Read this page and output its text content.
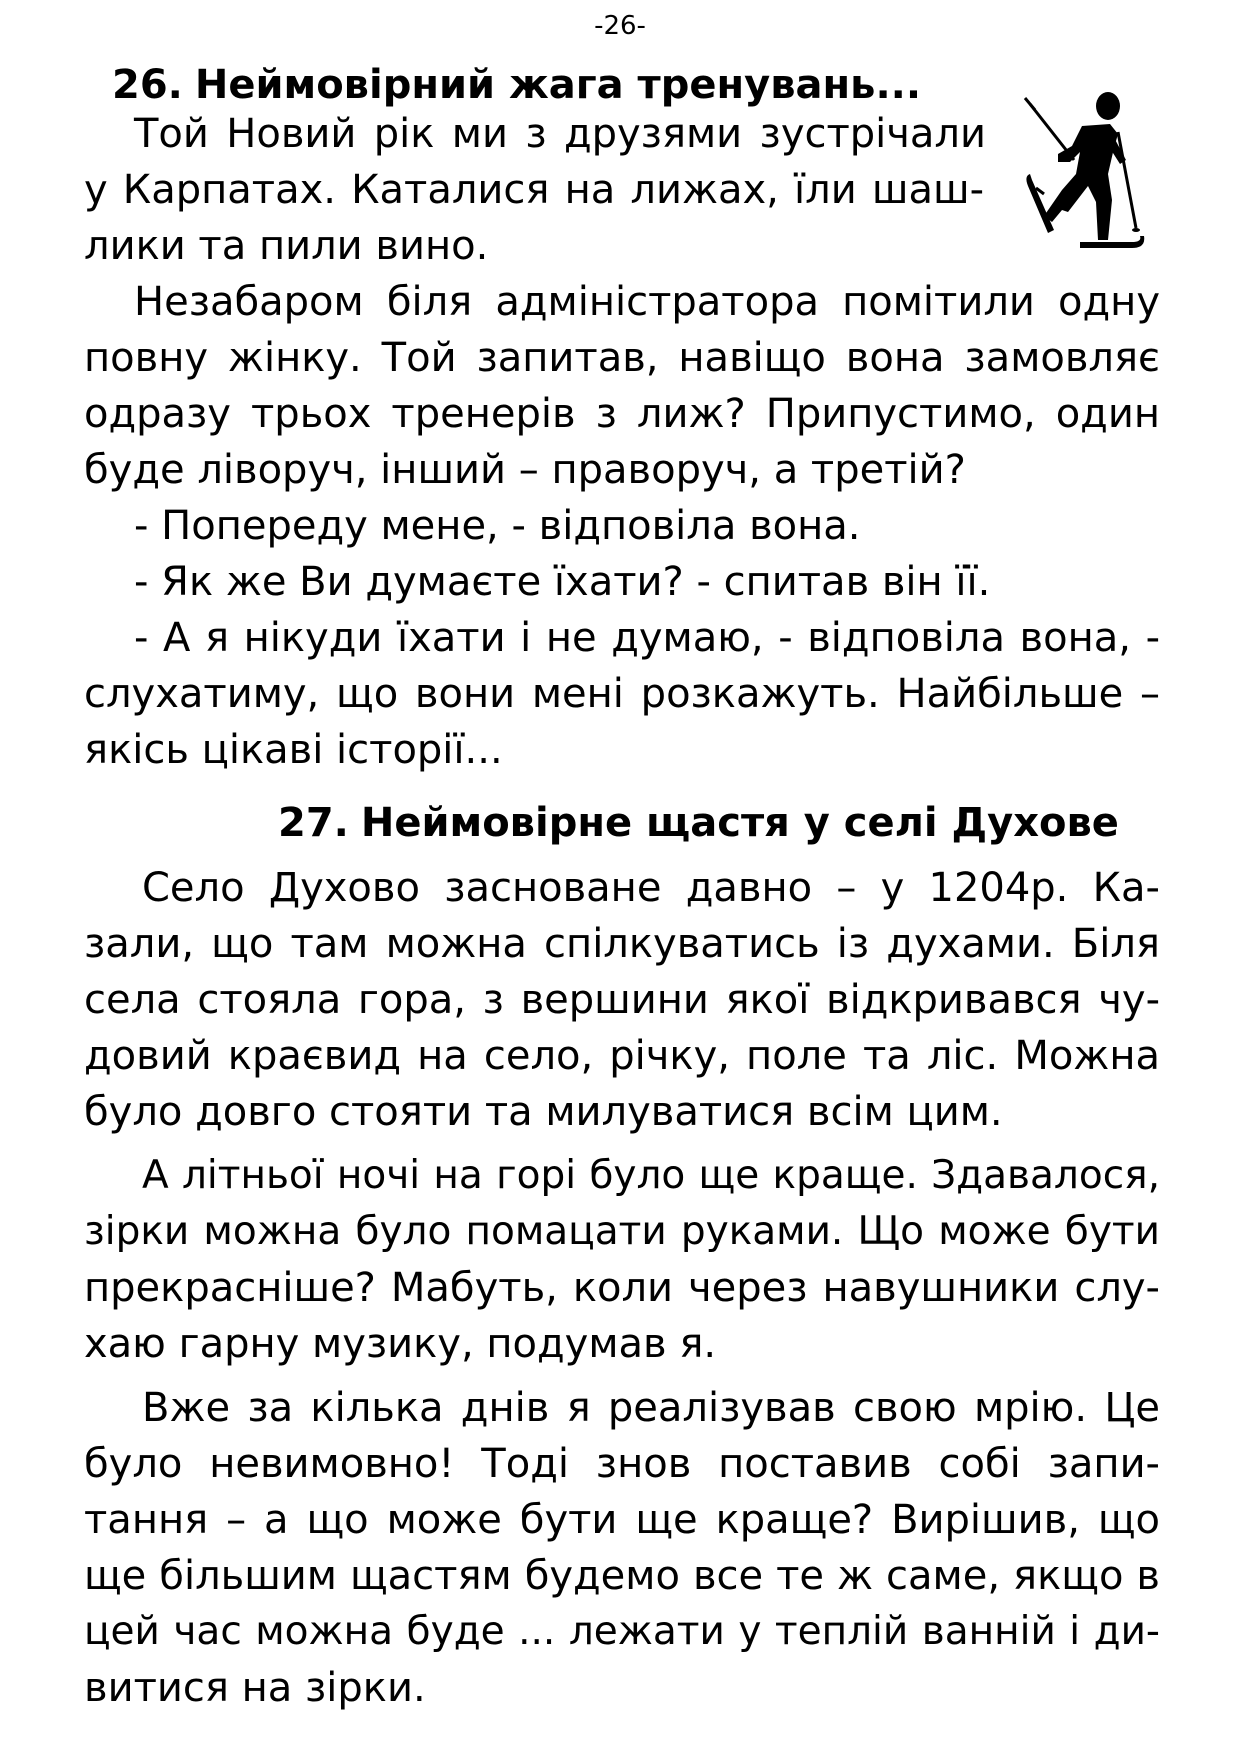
-26-
26. Неймовірний жага тренувань...
Той Новий рік ми з друзями зустрічали
у Карпатах. Каталися на лижах, їли шаш-
лики та пили вино.
Незабаром біля адміністратора помітили одну
повну жінку. Той запитав, навіщо вона замовляє
одразу трьох тренерів з лиж? Припустимо, один
буде ліворуч, інший – праворуч, а третій?
- Попереду мене, - відповіла вона.
- Як же Ви думаєте їхати? - спитав він її.
- А я нікуди їхати і не думаю, - відповіла вона, -
слухатиму, що вони мені розкажуть. Найбільше –
якісь цікаві історії...
27. Неймовірне щастя у селі Духове
Село Духово засноване давно – у 1204р. Ка-
зали, що там можна спілкуватись із духами. Біля
села стояла гора, з вершини якої відкривався чу-
довий краєвид на село, річку, поле та ліс. Можна
було довго стояти та милуватися всім цим.
А літньої ночі на горі було ще краще. Здавалося,
зірки можна було помацати руками. Що може бути
прекрасніше? Мабуть, коли через навушники слу-
хаю гарну музику, подумав я.
Вже за кілька днів я реалізував свою мрію. Це
було невимовно! Тоді знов поставив собі запи-
тання – а що може бути ще краще? Вирішив, що
ще більшим щастям будемо все те ж саме, якщо в
цей час можна буде ... лежати у теплій ванній і ди-
витися на зірки.
